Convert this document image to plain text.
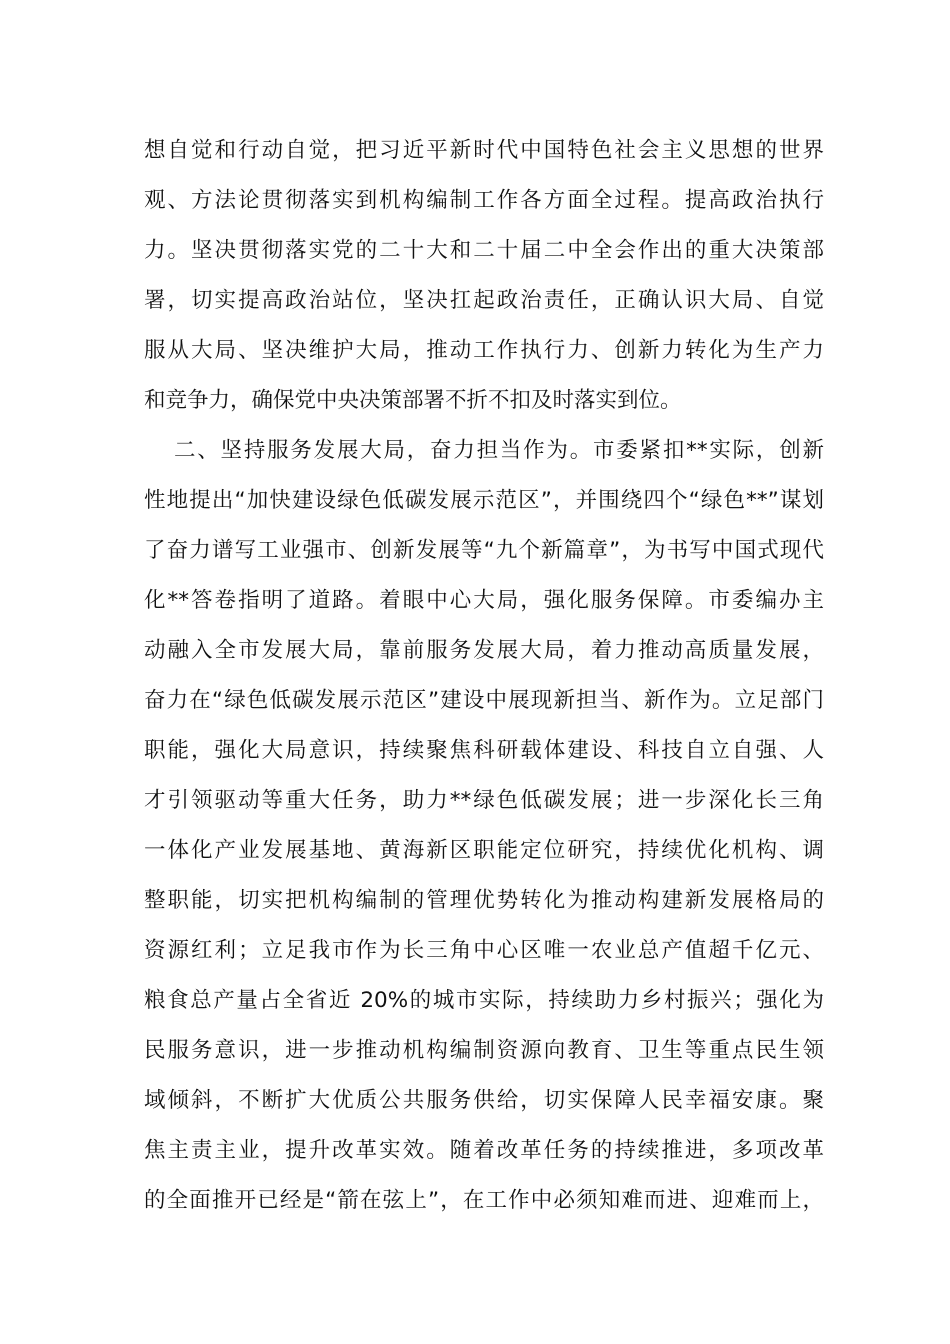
想自觉和行动自觉，把习近平新时代中国特色社会主义思想的世界
观、方法论贯彻落实到机构编制工作各方面全过程。提高政治执行
力。坚决贯彻落实党的二十大和二十届二中全会作出的重大决策部
署，切实提高政治站位，坚决扛起政治责任，正确认识大局、自觉
服从大局、坚决维护大局，推动工作执行力、创新力转化为生产力
和竞争力，确保党中央决策部署不折不扣及时落实到位。
二、坚持服务发展大局，奋力担当作为。市委紧扣**实际，创新
性地提出“加快建设绿色低碳发展示范区”，并围绕四个“绿色**”谋划
了奋力谱写工业强市、创新发展等“九个新篇章”，为书写中国式现代
化**答卷指明了道路。着眼中心大局，强化服务保障。市委编办主
动融入全市发展大局，靠前服务发展大局，着力推动高质量发展，
奋力在“绿色低碳发展示范区”建设中展现新担当、新作为。立足部门
职能，强化大局意识，持续聚焦科研载体建设、科技自立自强、人
才引领驱动等重大任务，助力**绿色低碳发展；进一步深化长三角
一体化产业发展基地、黄海新区职能定位研究，持续优化机构、调
整职能，切实把机构编制的管理优势转化为推动构建新发展格局的
资源红利；立足我市作为长三角中心区唯一农业总产值超千亿元、
粮食总产量占全省近 20%的城市实际，持续助力乡村振兴；强化为
民服务意识，进一步推动机构编制资源向教育、卫生等重点民生领
域倾斜，不断扩大优质公共服务供给，切实保障人民幸福安康。聚
焦主责主业，提升改革实效。随着改革任务的持续推进，多项改革
的全面推开已经是“箭在弦上”，在工作中必须知难而进、迎难而上，
